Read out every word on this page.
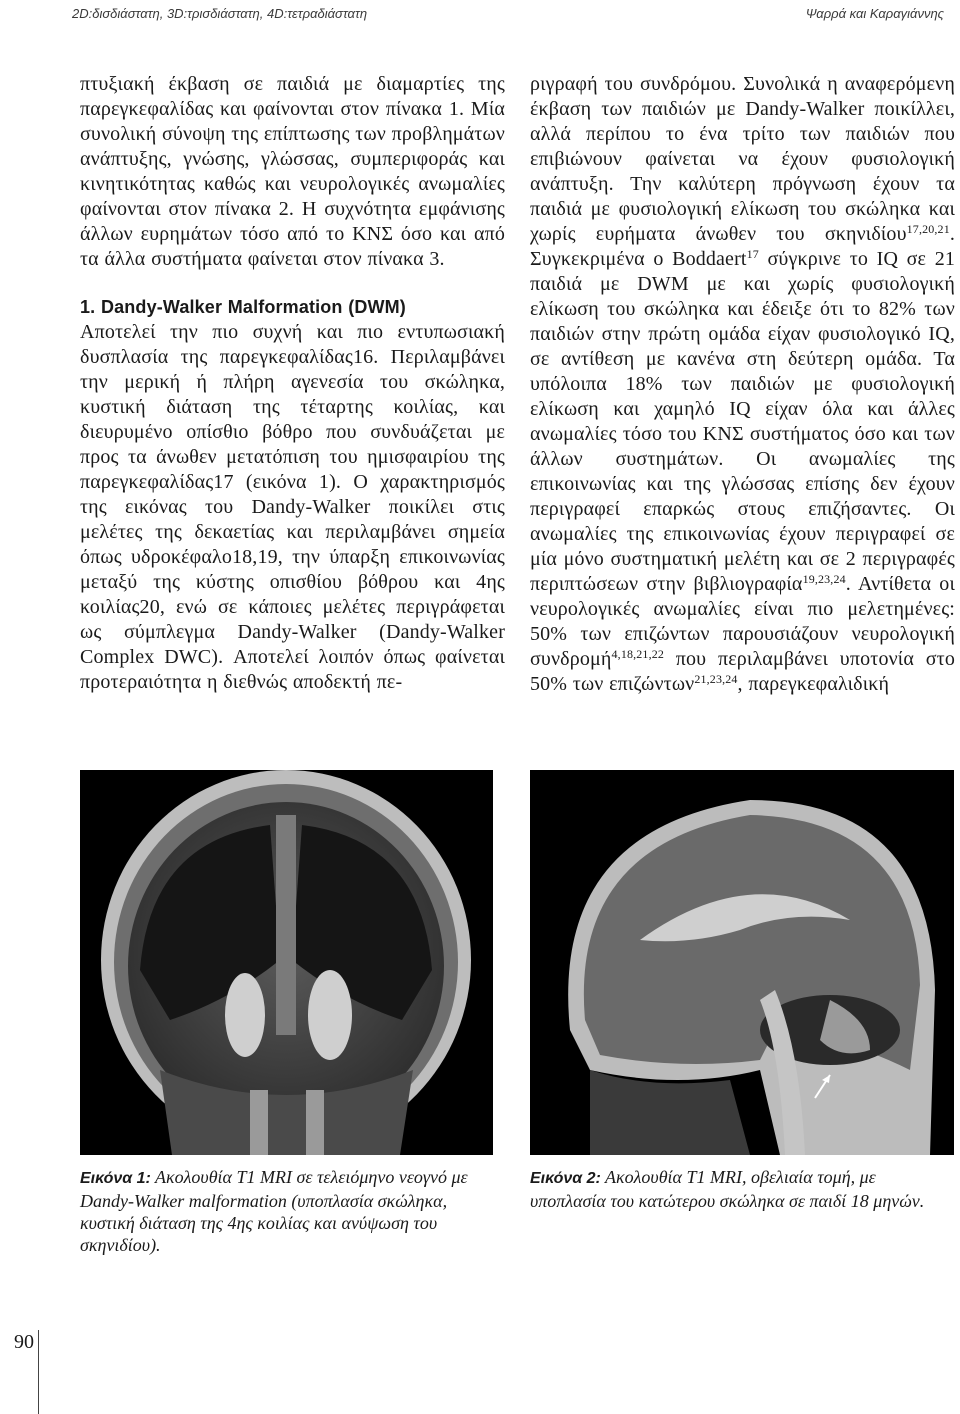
2D:δισδιάστατη, 3D:τρισδιάστατη, 4D:τετραδιάστατη	Ψαρρά και Καραγιάννης

πτυξιακή έκβαση σε παιδιά με διαμαρτίες της παρεγκεφαλίδας και φαίνονται στον πίνακα 1. Μία συνολική σύνοψη της επίπτωσης των προβλημάτων ανάπτυξης, γνώσης, γλώσσας, συμπεριφοράς και κινητικότητας καθώς και νευρολογικές ανωμαλίες φαίνονται στον πίνακα 2. Η συχνότητα εμφάνισης άλλων ευρημάτων τόσο από το ΚΝΣ όσο και από τα άλλα συστήματα φαίνεται στον πίνακα 3.

1. Dandy-Walker Malformation (DWM)

Αποτελεί την πιο συχνή και πιο εντυπωσιακή δυσπλασία της παρεγκεφαλίδας16. Περιλαμβάνει την μερική ή πλήρη αγενεσία του σκώληκα, κυστική διάταση της τέταρτης κοιλίας, και διευρυμένο οπίσθιο βόθρο που συνδυάζεται με προς τα άνωθεν μετατόπιση του ημισφαιρίου της παρεγκεφαλίδας17 (εικόνα 1). Ο χαρακτηρισμός της εικόνας του Dandy-Walker ποικίλει στις μελέτες της δεκαετίας και περιλαμβάνει σημεία όπως υδροκέφαλο18,19, την ύπαρξη επικοινωνίας μεταξύ της κύστης οπισθίου βόθρου και 4ης κοιλίας20, ενώ σε κάποιες μελέτες περιγράφεται ως σύμπλεγμα Dandy-Walker (Dandy-Walker Complex DWC). Αποτελεί λοιπόν όπως φαίνεται προτεραιότητα η διεθνώς αποδεκτή πε-

ριγραφή του συνδρόμου. Συνολικά η αναφερόμενη έκβαση των παιδιών με Dandy-Walker ποικίλλει, αλλά περίπου το ένα τρίτο των παιδιών που επιβιώνουν φαίνεται να έχουν φυσιολογική ανάπτυξη. Την καλύτερη πρόγνωση έχουν τα παιδιά με φυσιολογική ελίκωση του σκώληκα και χωρίς ευρήματα άνωθεν του σκηνιδίου$^{17,20,21}$. Συγκεκριμένα ο Boddaert$^{17}$ σύγκρινε το IQ σε 21 παιδιά με DWM με και χωρίς φυσιολογική ελίκωση του σκώληκα και έδειξε ότι το 82% των παιδιών στην πρώτη ομάδα είχαν φυσιολογικό IQ, σε αντίθεση με κανένα στη δεύτερη ομάδα. Τα υπόλοιπα 18% των παιδιών με φυσιολογική ελίκωση και χαμηλό IQ είχαν όλα και άλλες ανωμαλίες τόσο του ΚΝΣ συστήματος όσο και των άλλων συστημάτων. Οι ανωμαλίες της επικοινωνίας και της γλώσσας επίσης δεν έχουν περιγραφεί επαρκώς στους επιζήσαντες. Οι ανωμαλίες της επικοινωνίας έχουν περιγραφεί σε μία μόνο συστηματική μελέτη και σε 2 περιγραφές περιπτώσεων στην βιβλιογραφία$^{19,23,24}$. Αντίθετα οι νευρολογικές ανωμαλίες είναι πιο μελετημένες: 50% των επιζώντων παρουσιάζουν νευρολογική συνδρομή$^{4,18,21,22}$ που περιλαμβάνει υποτονία στο 50% των επιζώντων$^{21,23,24}$, παρεγκεφαλιδική

Εικόνα 1: Ακολουθία T1 MRI σε τελειόμηνο νεογνό με Dandy-Walker malformation (υποπλασία σκώληκα, κυστική διάταση της 4ης κοιλίας και ανύψωση του σκηνιδίου).
Εικόνα 2: Ακολουθία T1 MRI, οβελιαία τομή, με υποπλασία του κατώτερου σκώληκα σε παιδί 18 μηνών.
90
